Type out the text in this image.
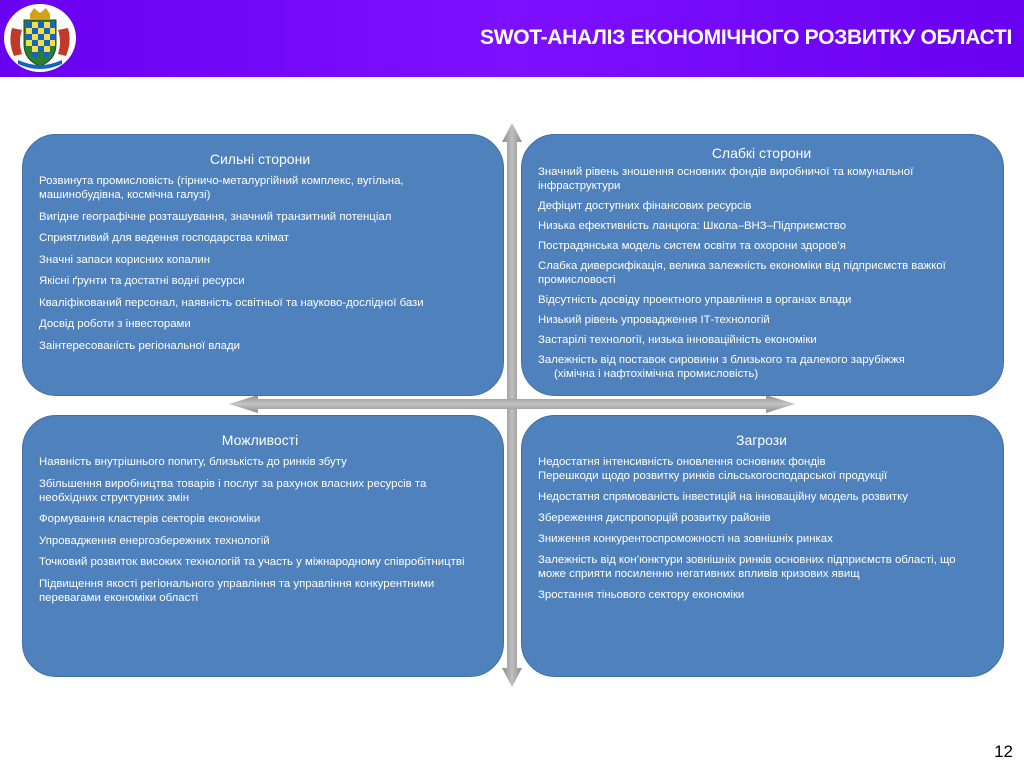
SWOT-АНАЛІЗ ЕКОНОМІЧНОГО РОЗВИТКУ ОБЛАСТІ
Сильні сторони
Розвинута промисловість (гірничо-металургійний комплекс, вугільна, машинобудівна, космічна галузі)
Вигідне географічне розташування, значний транзитний потенціал
Сприятливий для ведення господарства клімат
Значні запаси корисних копалин
Якісні ґрунти та достатні водні ресурси
Кваліфікований персонал, наявність освітньої та науково-дослідної бази
Досвід роботи з інвесторами
Заінтересованість регіональної влади
Слабкі сторони
Значний рівень зношення основних фондів виробничої та комунальної інфраструктури
Дефіцит доступних фінансових ресурсів
Низька ефективність ланцюга: Школа–ВНЗ–Підприємство
Пострадянська модель систем освіти та охорони здоров’я
Слабка диверсифікація, велика залежність економіки від підприємств важкої промисловості
Відсутність досвіду проектного управління в органах влади
Низький рівень упровадження ІТ-технологій
Застарілі технології, низька інноваційність економіки
Залежність від поставок сировини з близького та далекого зарубіжжя
(хімічна і нафтохімічна промисловість)
Можливості
Наявність внутрішнього попиту, близькість до ринків збуту
Збільшення виробництва товарів і послуг за рахунок власних ресурсів та необхідних структурних змін
Формування кластерів секторів економіки
Упровадження енергозбережних технологій
Точковий розвиток високих технологій та участь у міжнародному співробітництві
Підвищення якості регіонального управління та управління конкурентними перевагами економіки області
Загрози
Недостатня інтенсивність оновлення основних фондів
Перешкоди щодо розвитку ринків сільськогосподарської продукції
Недостатня спрямованість інвестицій на інноваційну модель розвитку
Збереження диспропорцій розвитку районів
Зниження конкурентоспроможності на зовнішніх ринках
Залежність від кон’юнктури зовнішніх ринків основних підприємств області, що може сприяти посиленню негативних впливів кризових явищ
Зростання тіньового сектору економіки
12
